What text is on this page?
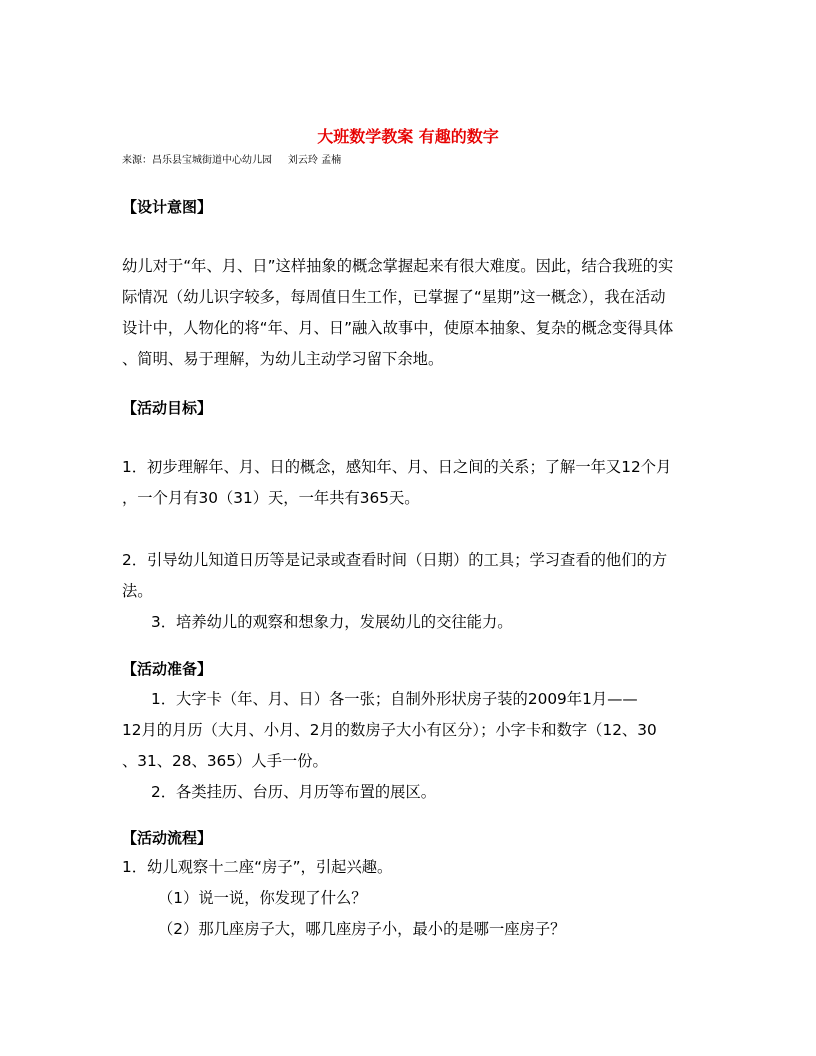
大班数学教案 有趣的数字
来源：昌乐县宝城街道中心幼儿园     刘云玲 孟楠
【设计意图】
幼儿对于“年、月、日”这样抽象的概念掌握起来有很大难度。因此，结合我班的实
际情况（幼儿识字较多，每周值日生工作，已掌握了“星期”这一概念），我在活动
设计中，人物化的将“年、月、日”融入故事中，使原本抽象、复杂的概念变得具体
、简明、易于理解，为幼儿主动学习留下余地。
【活动目标】
1．初步理解年、月、日的概念，感知年、月、日之间的关系；了解一年又12个月
，一个月有30（31）天，一年共有365天。
2．引导幼儿知道日历等是记录或查看时间（日期）的工具；学习查看的他们的方
法。
3．培养幼儿的观察和想象力，发展幼儿的交往能力。
【活动准备】
1．大字卡（年、月、日）各一张；自制外形状房子装的2009年1月——
12月的月历（大月、小月、2月的数房子大小有区分）；小字卡和数字（12、30
、31、28、365）人手一份。
2．各类挂历、台历、月历等布置的展区。
【活动流程】
1．幼儿观察十二座“房子”，引起兴趣。
（1）说一说，你发现了什么？
（2）那几座房子大，哪几座房子小，最小的是哪一座房子？
